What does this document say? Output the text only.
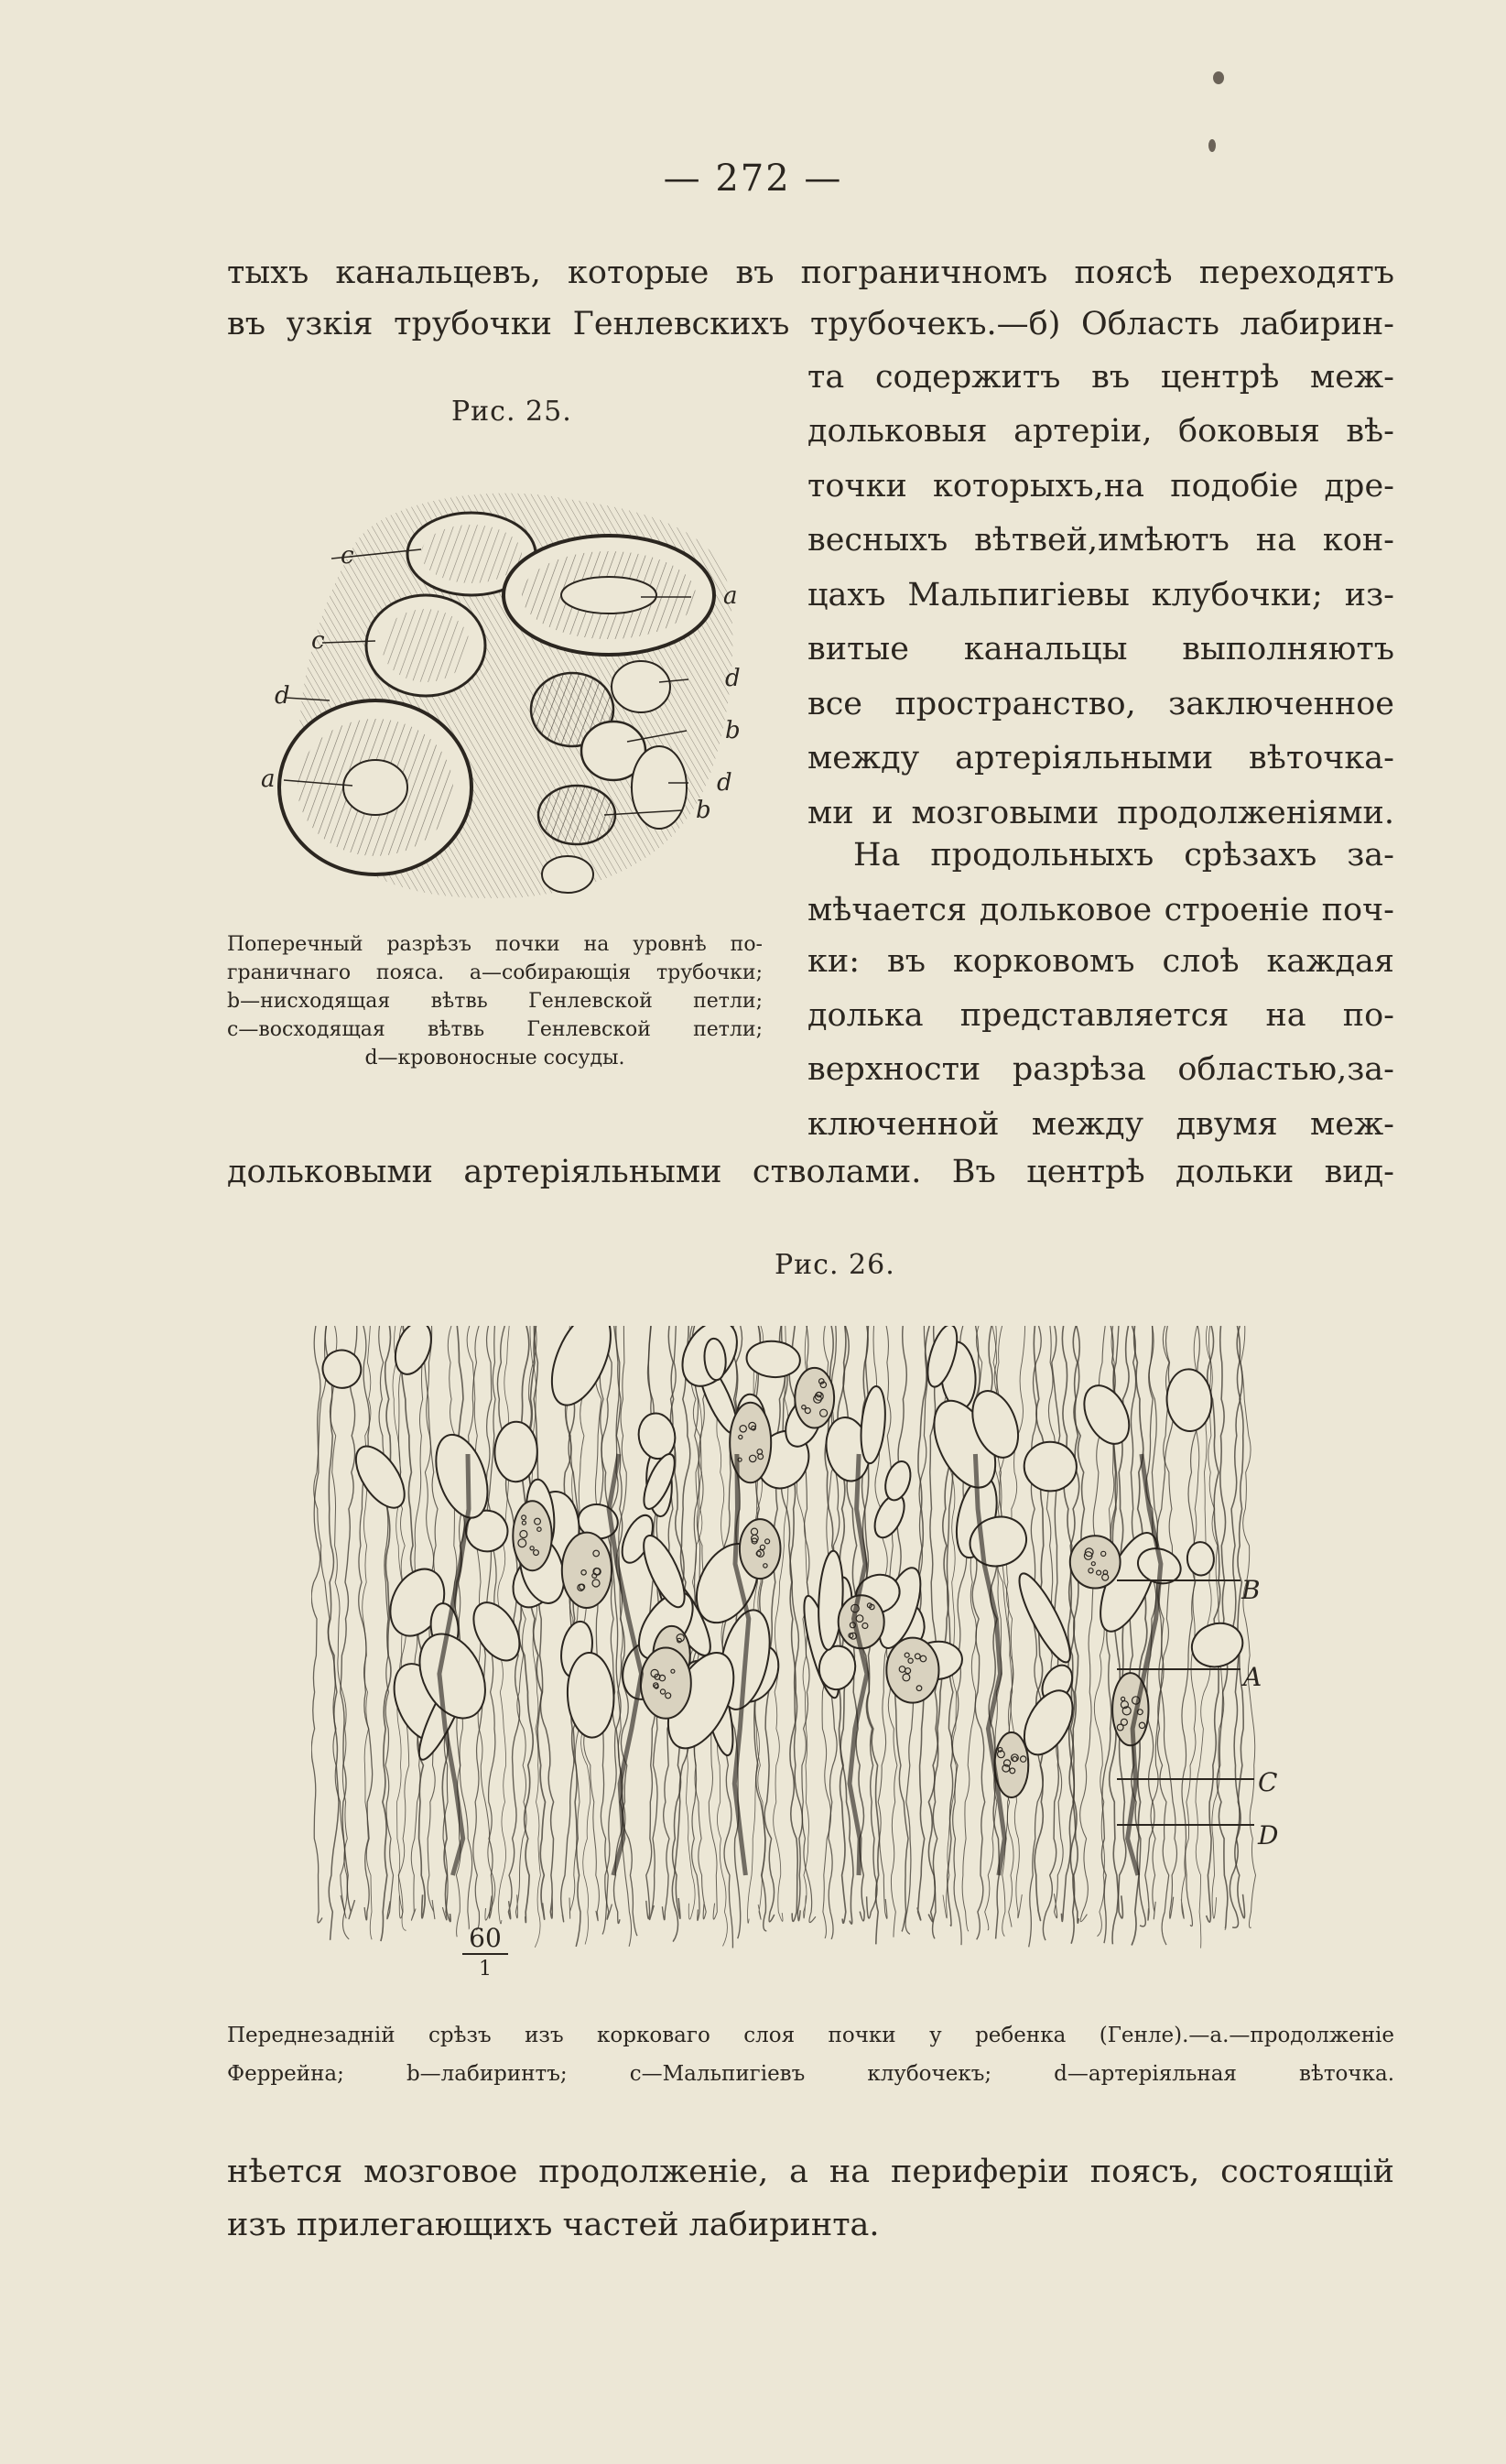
— 272 —
тыхъ канальцевъ, которые въ пограничномъ поясѣ переходятъ
въ узкія трубочки Генлевскихъ трубочекъ.—б) Область лабирин-
та содержитъ въ центрѣ меж-
дольковыя артеріи, боковыя вѣ-
точки которыхъ,на подобіе дре-
весныхъ вѣтвей,имѣютъ на кон-
цахъ Мальпигіевы клубочки; из-
витые канальцы выполняютъ
все пространство, заключенное
между артеріяльными вѣточка-
ми и мозговыми продолженіями.
На продольныхъ срѣзахъ за-
мѣчается дольковое строеніе поч-
ки: въ корковомъ слоѣ каждая
долька представляется на по-
верхности разрѣза областью,за-
ключенной между двумя меж-
дольковыми артеріяльными стволами. Въ центрѣ дольки вид-
Рис. 25.
c
a
c
d
d
b
a	d
b
Поперечный разрѣзъ почки на уровнѣ по-
граничнаго пояса. a—собирающія трубочки;
b—нисходящая вѣтвь Генлевской петли;
c—восходящая вѣтвь Генлевской петли;
d—кровоносные сосуды.
Рис. 26.
B
A
C
D
60
1
Переднезадній срѣзъ изъ корковаго слоя почки у ребенка (Генле).—a.—продолженіе
Феррейна; b—лабиринтъ; c—Мальпигіевъ клубочекъ; d—артеріяльная вѣточка.
нѣется мозговое продолженіе, а на периферіи поясъ, состоящій
изъ прилегающихъ частей лабиринта.
